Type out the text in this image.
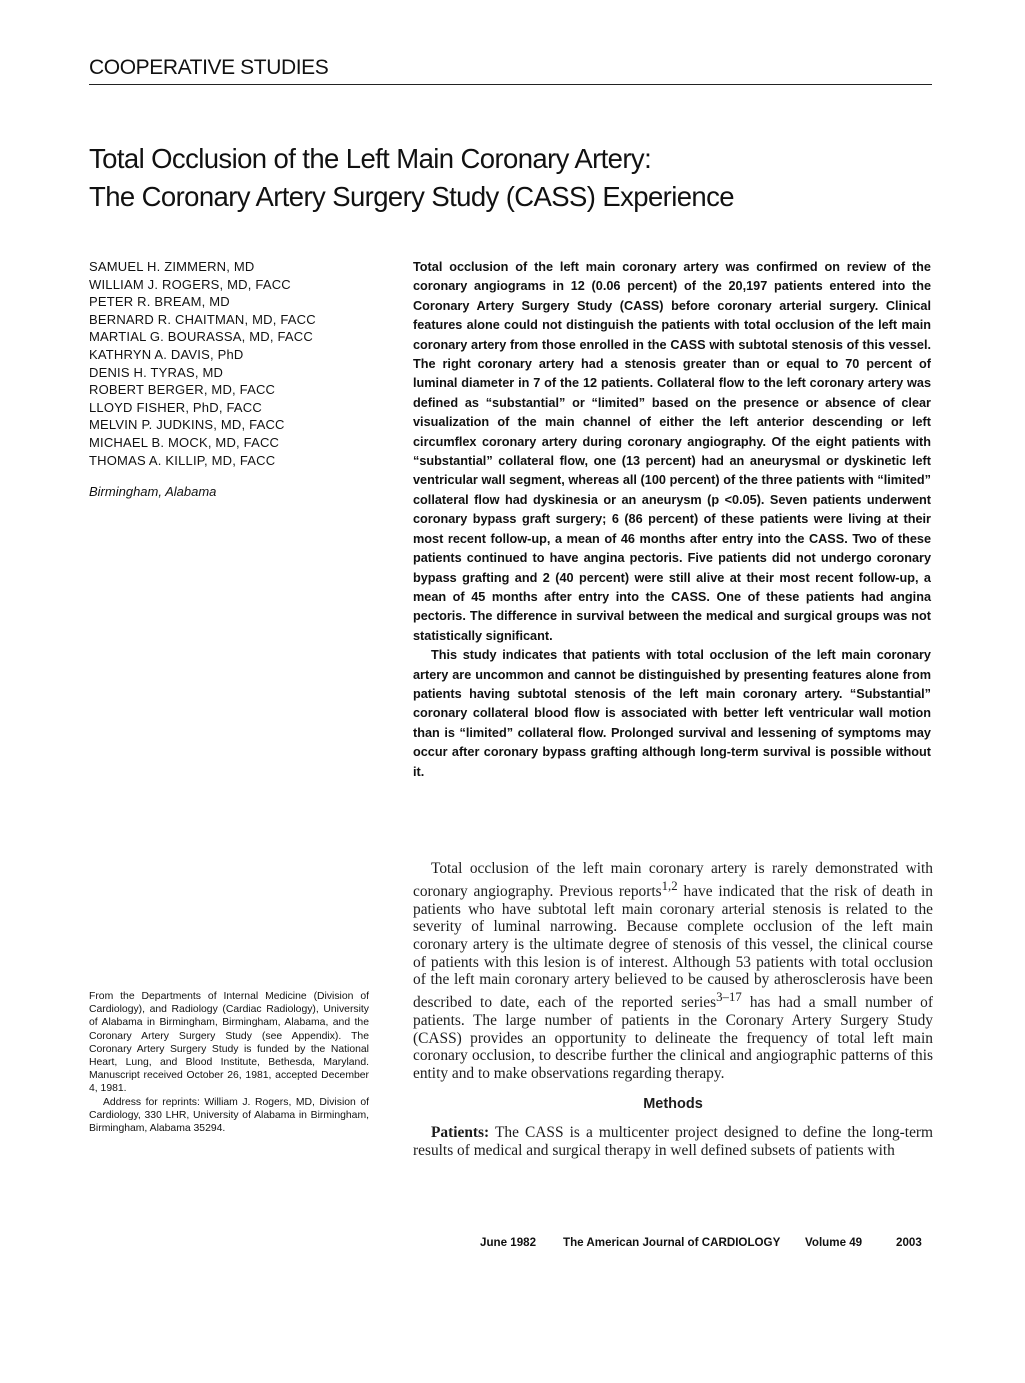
COOPERATIVE STUDIES
Total Occlusion of the Left Main Coronary Artery:
The Coronary Artery Surgery Study (CASS) Experience
SAMUEL H. ZIMMERN, MD
WILLIAM J. ROGERS, MD, FACC
PETER R. BREAM, MD
BERNARD R. CHAITMAN, MD, FACC
MARTIAL G. BOURASSA, MD, FACC
KATHRYN A. DAVIS, PhD
DENIS H. TYRAS, MD
ROBERT BERGER, MD, FACC
LLOYD FISHER, PhD, FACC
MELVIN P. JUDKINS, MD, FACC
MICHAEL B. MOCK, MD, FACC
THOMAS A. KILLIP, MD, FACC
Birmingham, Alabama

Total occlusion of the left main coronary artery was confirmed on review of the coronary angiograms in 12 (0.06 percent) of the 20,197 patients entered into the Coronary Artery Surgery Study (CASS) before coronary arterial surgery. Clinical features alone could not distinguish the patients with total occlusion of the left main coronary artery from those enrolled in the CASS with subtotal stenosis of this vessel. The right coronary artery had a stenosis greater than or equal to 70 percent of luminal diameter in 7 of the 12 patients. Collateral flow to the left coronary artery was defined as “substantial” or “limited” based on the presence or absence of clear visualization of the main channel of either the left anterior descending or left circumflex coronary artery during coronary angiography. Of the eight patients with “substantial” collateral flow, one (13 percent) had an aneurysmal or dyskinetic left ventricular wall segment, whereas all (100 percent) of the three patients with “limited” collateral flow had dyskinesia or an aneurysm (p <0.05). Seven patients underwent coronary bypass graft surgery; 6 (86 percent) of these patients were living at their most recent follow-up, a mean of 46 months after entry into the CASS. Two of these patients continued to have angina pectoris. Five patients did not undergo coronary bypass grafting and 2 (40 percent) were still alive at their most recent follow-up, a mean of 45 months after entry into the CASS. One of these patients had angina pectoris. The difference in survival between the medical and surgical groups was not statistically significant.

This study indicates that patients with total occlusion of the left main coronary artery are uncommon and cannot be distinguished by presenting features alone from patients having subtotal stenosis of the left main coronary artery. “Substantial” coronary collateral blood flow is associated with better left ventricular wall motion than is “limited” collateral flow. Prolonged survival and lessening of symptoms may occur after coronary bypass grafting although long-term survival is possible without it.

From the Departments of Internal Medicine (Division of Cardiology), and Radiology (Cardiac Radiology), University of Alabama in Birmingham, Birmingham, Alabama, and the Coronary Artery Surgery Study (see Appendix). The Coronary Artery Surgery Study is funded by the National Heart, Lung, and Blood Institute, Bethesda, Maryland. Manuscript received October 26, 1981, accepted December 4, 1981.

Address for reprints: William J. Rogers, MD, Division of Cardiology, 330 LHR, University of Alabama in Birmingham, Birmingham, Alabama 35294.

Total occlusion of the left main coronary artery is rarely demonstrated with coronary angiography. Previous reports$^{1,2}$ have indicated that the risk of death in patients who have subtotal left main coronary arterial stenosis is related to the severity of luminal narrowing. Because complete occlusion of the left main coronary artery is the ultimate degree of stenosis of this vessel, the clinical course of patients with this lesion is of interest. Although 53 patients with total occlusion of the left main coronary artery believed to be caused by atherosclerosis have been described to date, each of the reported series$^{3-17}$ has had a small number of patients. The large number of patients in the Coronary Artery Surgery Study (CASS) provides an opportunity to delineate the frequency of total left main coronary occlusion, to describe further the clinical and angiographic patterns of this entity and to make observations regarding therapy.

Methods

Patients: The CASS is a multicenter project designed to define the long-term results of medical and surgical therapy in well defined subsets of patients with

June 1982	The American Journal of CARDIOLOGY	Volume 49	2003
